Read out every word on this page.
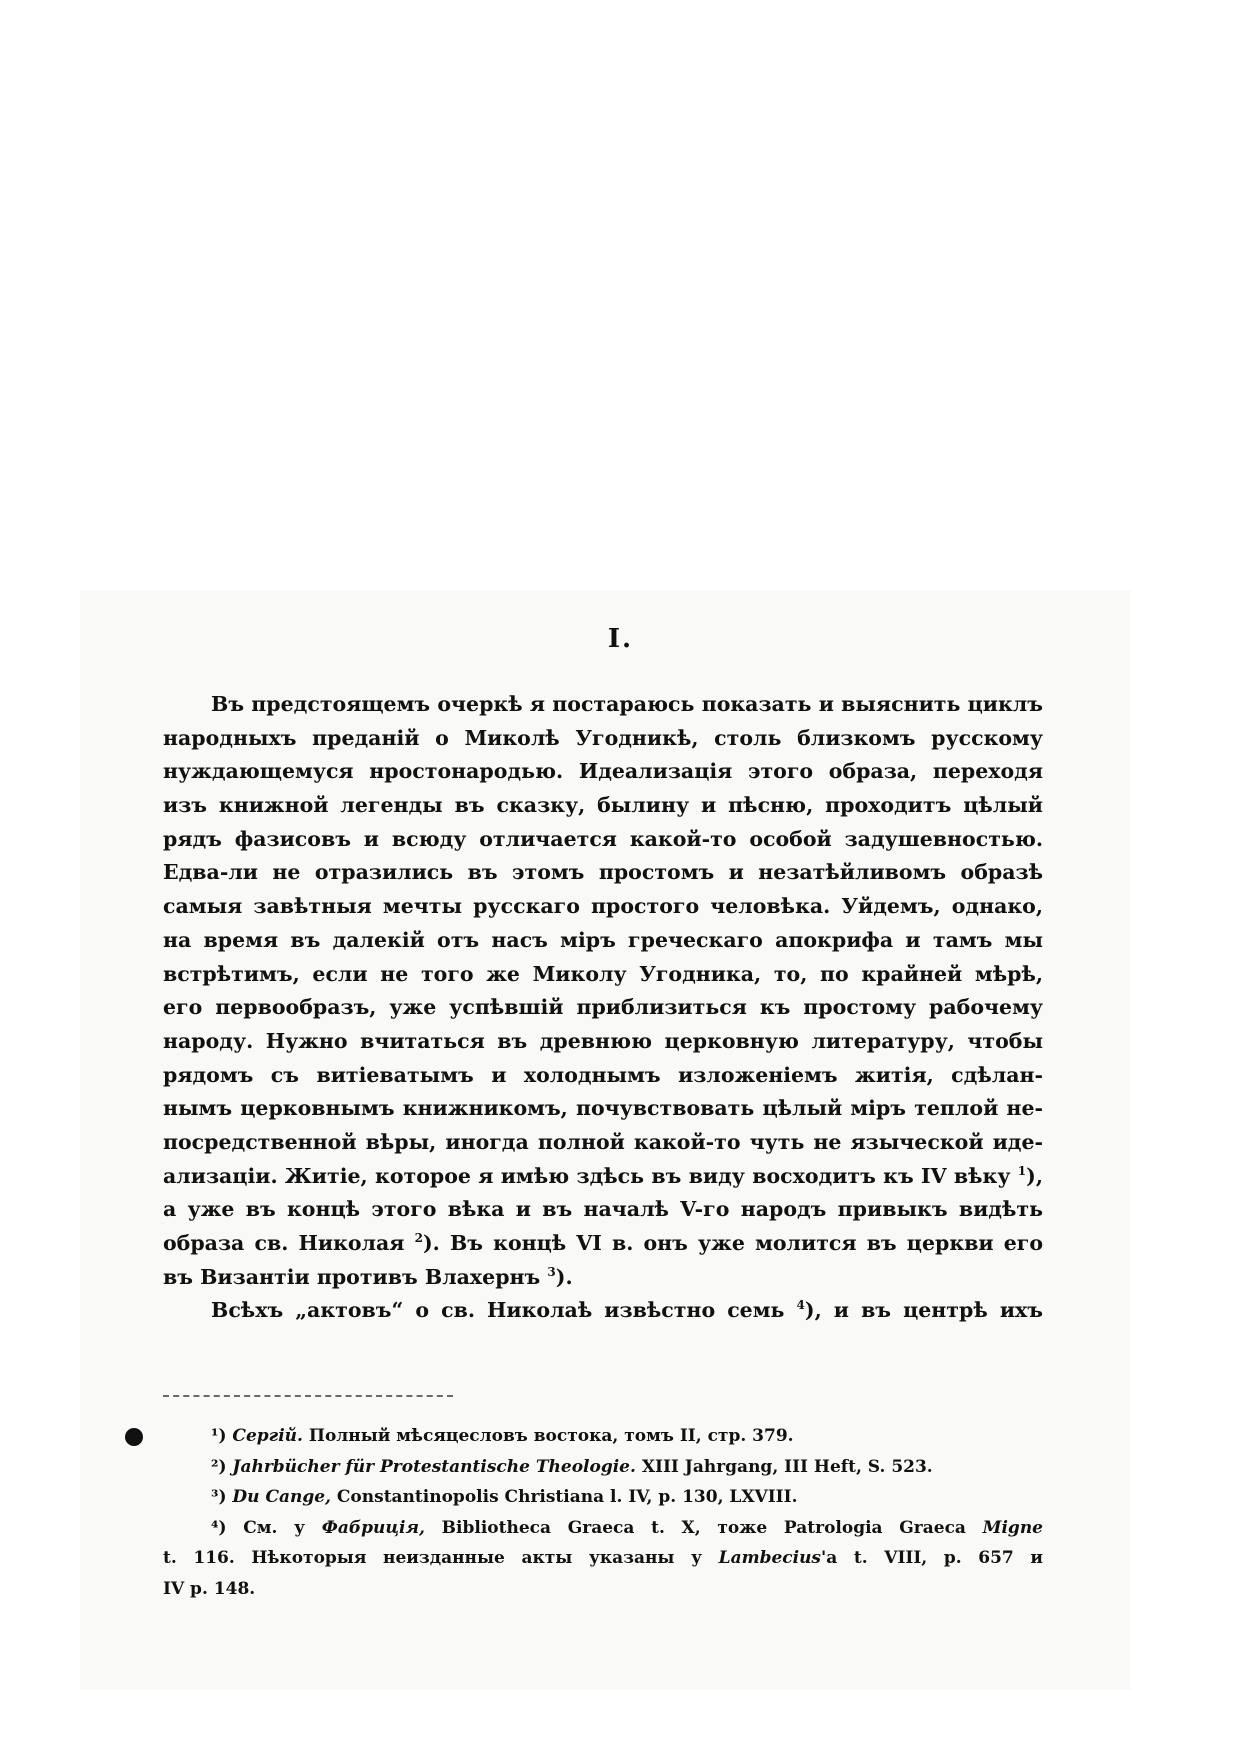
I.
Въ предстоящемъ очеркѣ я постараюсь показать и выяснить циклъ
народныхъ преданій о Миколѣ Угодникѣ, столь близкомъ русскому
нуждающемуся нростонародью. Идеализація этого образа, переходя
изъ книжной легенды въ сказку, былину и пѣсню, проходитъ цѣлый
рядъ фазисовъ и всюду отличается какой-то особой задушевностью.
Едва-ли не отразились въ этомъ простомъ и незатѣйливомъ образѣ
самыя завѣтныя мечты русскаго простого человѣка. Уйдемъ, однако,
на время въ далекій отъ насъ міръ греческаго апокрифа и тамъ мы
встрѣтимъ, если не того же Миколу Угодника, то, по крайней мѣрѣ,
его первообразъ, уже успѣвшій приблизиться къ простому рабочему
народу. Нужно вчитаться въ древнюю церковную литературу, чтобы
рядомъ съ витіеватымъ и холоднымъ изложеніемъ житія, сдѣлан-
нымъ церковнымъ книжникомъ, почувствовать цѣлый міръ теплой не-
посредственной вѣры, иногда полной какой-то чуть не языческой иде-
ализаціи. Житіе, которое я имѣю здѣсь въ виду восходитъ къ IV вѣку $^1$),
а уже въ концѣ этого вѣка и въ началѣ V-го народъ привыкъ видѣть
образа св. Николая $^2$). Въ концѣ VI в. онъ уже молится въ церкви его
въ Византіи противъ Влахернъ $^3$).
Всѣхъ „актовъ“ о св. Николаѣ извѣстно семь $^4$), и въ центрѣ ихъ
¹) Сергій. Полный мѣсяцесловъ востока, томъ II, стр. 379.
²) Jahrbücher für Protestantische Theologie. XIII Jahrgang, III Heft, S. 523.
³) Du Cange, Constantinopolis Christiana l. IV, p. 130, LXVIII.
⁴) См. у Фабриція, Bibliotheca Graeca t. X, тоже Patrologia Graeca Migne
t. 116. Нѣкоторыя неизданные акты указаны у Lambecius'а t. VIII, p. 657 и
IV p. 148.
